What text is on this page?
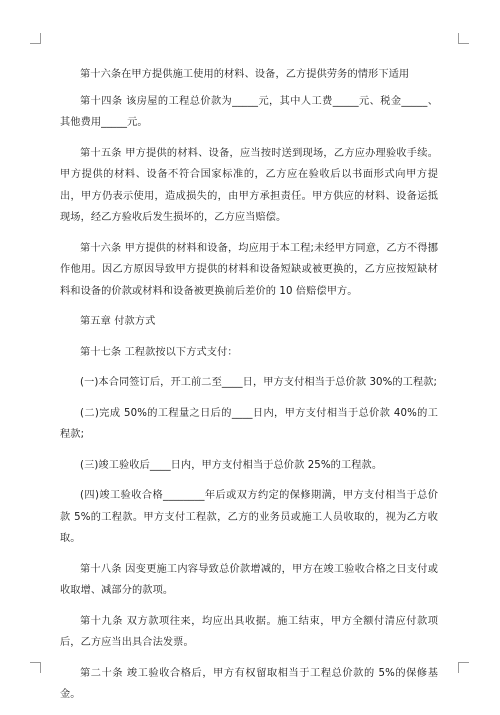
第十六条在甲方提供施工使用的材料、设备，乙方提供劳务的情形下适用

第十四条 该房屋的工程总价款为_____元，其中人工费_____元、税金_____、其他费用_____元。

第十五条 甲方提供的材料、设备，应当按时送到现场，乙方应办理验收手续。甲方提供的材料、设备不符合国家标准的，乙方应在验收后以书面形式向甲方提出，甲方仍表示使用，造成损失的，由甲方承担责任。甲方供应的材料、设备运抵现场，经乙方验收后发生损坏的，乙方应当赔偿。

第十六条 甲方提供的材料和设备，均应用于本工程;未经甲方同意，乙方不得挪作他用。因乙方原因导致甲方提供的材料和设备短缺或被更换的，乙方应按短缺材料和设备的价款或材料和设备被更换前后差价的 10 倍赔偿甲方。

第五章 付款方式

第十七条 工程款按以下方式支付：

(一)本合同签订后，开工前二至____日，甲方支付相当于总价款 30%的工程款;

(二)完成 50%的工程量之日后的____日内，甲方支付相当于总价款 40%的工程款;

(三)竣工验收后____日内，甲方支付相当于总价款 25%的工程款。

(四)竣工验收合格________年后或双方约定的保修期满，甲方支付相当于总价款 5%的工程款。甲方支付工程款，乙方的业务员或施工人员收取的，视为乙方收取。

第十八条 因变更施工内容导致总价款增减的，甲方在竣工验收合格之日支付或收取增、减部分的款项。

第十九条 双方款项往来，均应出具收据。施工结束，甲方全额付清应付款项后，乙方应当出具合法发票。

第二十条 竣工验收合格后，甲方有权留取相当于工程总价款的 5%的保修基金。
